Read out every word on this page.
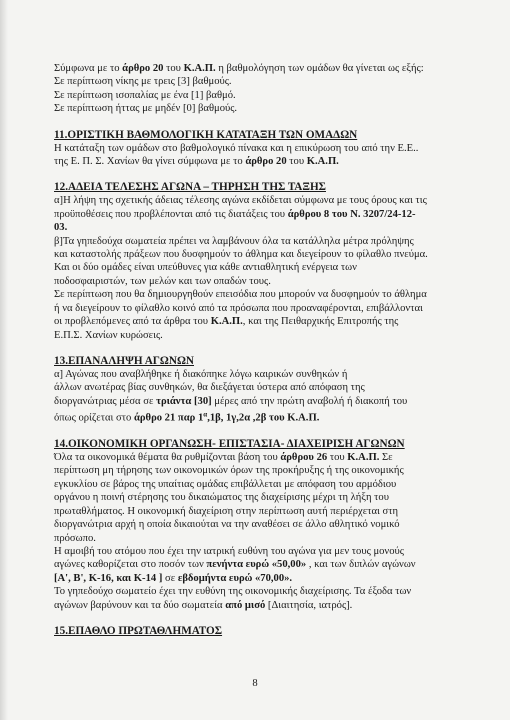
Σύμφωνα με το άρθρο 20 του Κ.Α.Π. η βαθμολόγηση των ομάδων θα γίνεται ως εξής:

Σε περίπτωση νίκης με τρεις [3] βαθμούς.

Σε περίπτωση ισοπαλίας με ένα [1] βαθμό.

Σε περίπτωση ήττας με μηδέν [0] βαθμούς.

11.ΟΡΙΣΤΙΚΗ ΒΑΘΜΟΛΟΓΙΚΗ ΚΑΤΑΤΑΞΗ ΤΩΝ ΟΜΑΔΩΝ

Η κατάταξη των ομάδων στο βαθμολογικό πίνακα και η επικύρωση του από την Ε.Ε..

της Ε. Π. Σ. Χανίων θα γίνει σύμφωνα με το άρθρο 20 του Κ.Α.Π.

12.ΑΔΕΙΑ ΤΕΛΕΣΗΣ ΑΓΩΝΑ – ΤΗΡΗΣΗ ΤΗΣ ΤΑΞΗΣ

α]Η λήψη της σχετικής άδειας τέλεσης αγώνα εκδίδεται σύμφωνα με τους όρους και τις

προϋποθέσεις που προβλέπονται από τις διατάξεις του άρθρου 8 του Ν. 3207/24-12-

03.

β]Τα γηπεδούχα σωματεία πρέπει να λαμβάνουν όλα τα κατάλληλα μέτρα πρόληψης

και καταστολής πράξεων που δυσφημούν το άθλημα και διεγείρουν το φίλαθλο πνεύμα.

Και οι δύο ομάδες είναι υπεύθυνες για κάθε αντιαθλητική ενέργεια των

ποδοσφαιριστών, των μελών και των οπαδών τους.

Σε περίπτωση που θα δημιουργηθούν επεισόδια που μπορούν να δυσφημούν το άθλημα

ή να διεγείρουν το φίλαθλο κοινό από τα πρόσωπα που προαναφέρονται, επιβάλλονται

οι προβλεπόμενες από τα άρθρα του Κ.Α.Π., και της Πειθαρχικής Επιτροπής της

Ε.Π.Σ. Χανίων κυρώσεις.

13.ΕΠΑΝΑΛΗΨΗ ΑΓΩΝΩΝ

α] Αγώνας που αναβλήθηκε ή διακόπηκε λόγω καιρικών συνθηκών ή

άλλων ανωτέρας βίας συνθηκών, θα διεξάγεται ύστερα από απόφαση της

διοργανώτριας μέσα σε τριάντα [30] μέρες από την πρώτη αναβολή ή διακοπή του

όπως ορίζεται στο άρθρο 21 παρ $1^\alpha,1\beta$, 1γ,2α ,2β του Κ.Α.Π.

14.ΟΙΚΟΝΟΜΙΚΗ ΟΡΓΑΝΩΣΗ- ΕΠΙΣΤΑΣΙΑ- ΔΙΑΧΕΙΡΙΣΗ ΑΓΩΝΩΝ

Όλα τα οικονομικά θέματα θα ρυθμίζονται βάση του άρθρου 26 του Κ.Α.Π. Σε

περίπτωση μη τήρησης των οικονομικών όρων της προκήρυξης ή της οικονομικής

εγκυκλίου σε βάρος της υπαίτιας ομάδας επιβάλλεται με απόφαση του αρμόδιου

οργάνου η ποινή στέρησης του δικαιώματος της διαχείρισης μέχρι τη λήξη του

πρωταθλήματος. Η οικονομική διαχείριση στην περίπτωση αυτή περιέρχεται στη

διοργανώτρια αρχή η οποία δικαιούται να την αναθέσει σε άλλο αθλητικό νομικό

πρόσωπο.

Η αμοιβή του ατόμου που έχει την ιατρική ευθύνη του αγώνα για μεν τους μονούς

αγώνες καθορίζεται στο ποσόν των πενήντα ευρώ «50,00» , και των διπλών αγώνων

[Α', Β', Κ-16, και Κ-14 ] σε εβδομήντα ευρώ «70,00».

Το γηπεδούχο σωματείο έχει την ευθύνη της οικονομικής διαχείρισης. Τα έξοδα των

αγώνων βαρύνουν και τα δύο σωματεία από μισό [Διαιτησία, ιατρός].

15.ΕΠΑΘΛΟ ΠΡΩΤΑΘΛΗΜΑΤΟΣ

8
